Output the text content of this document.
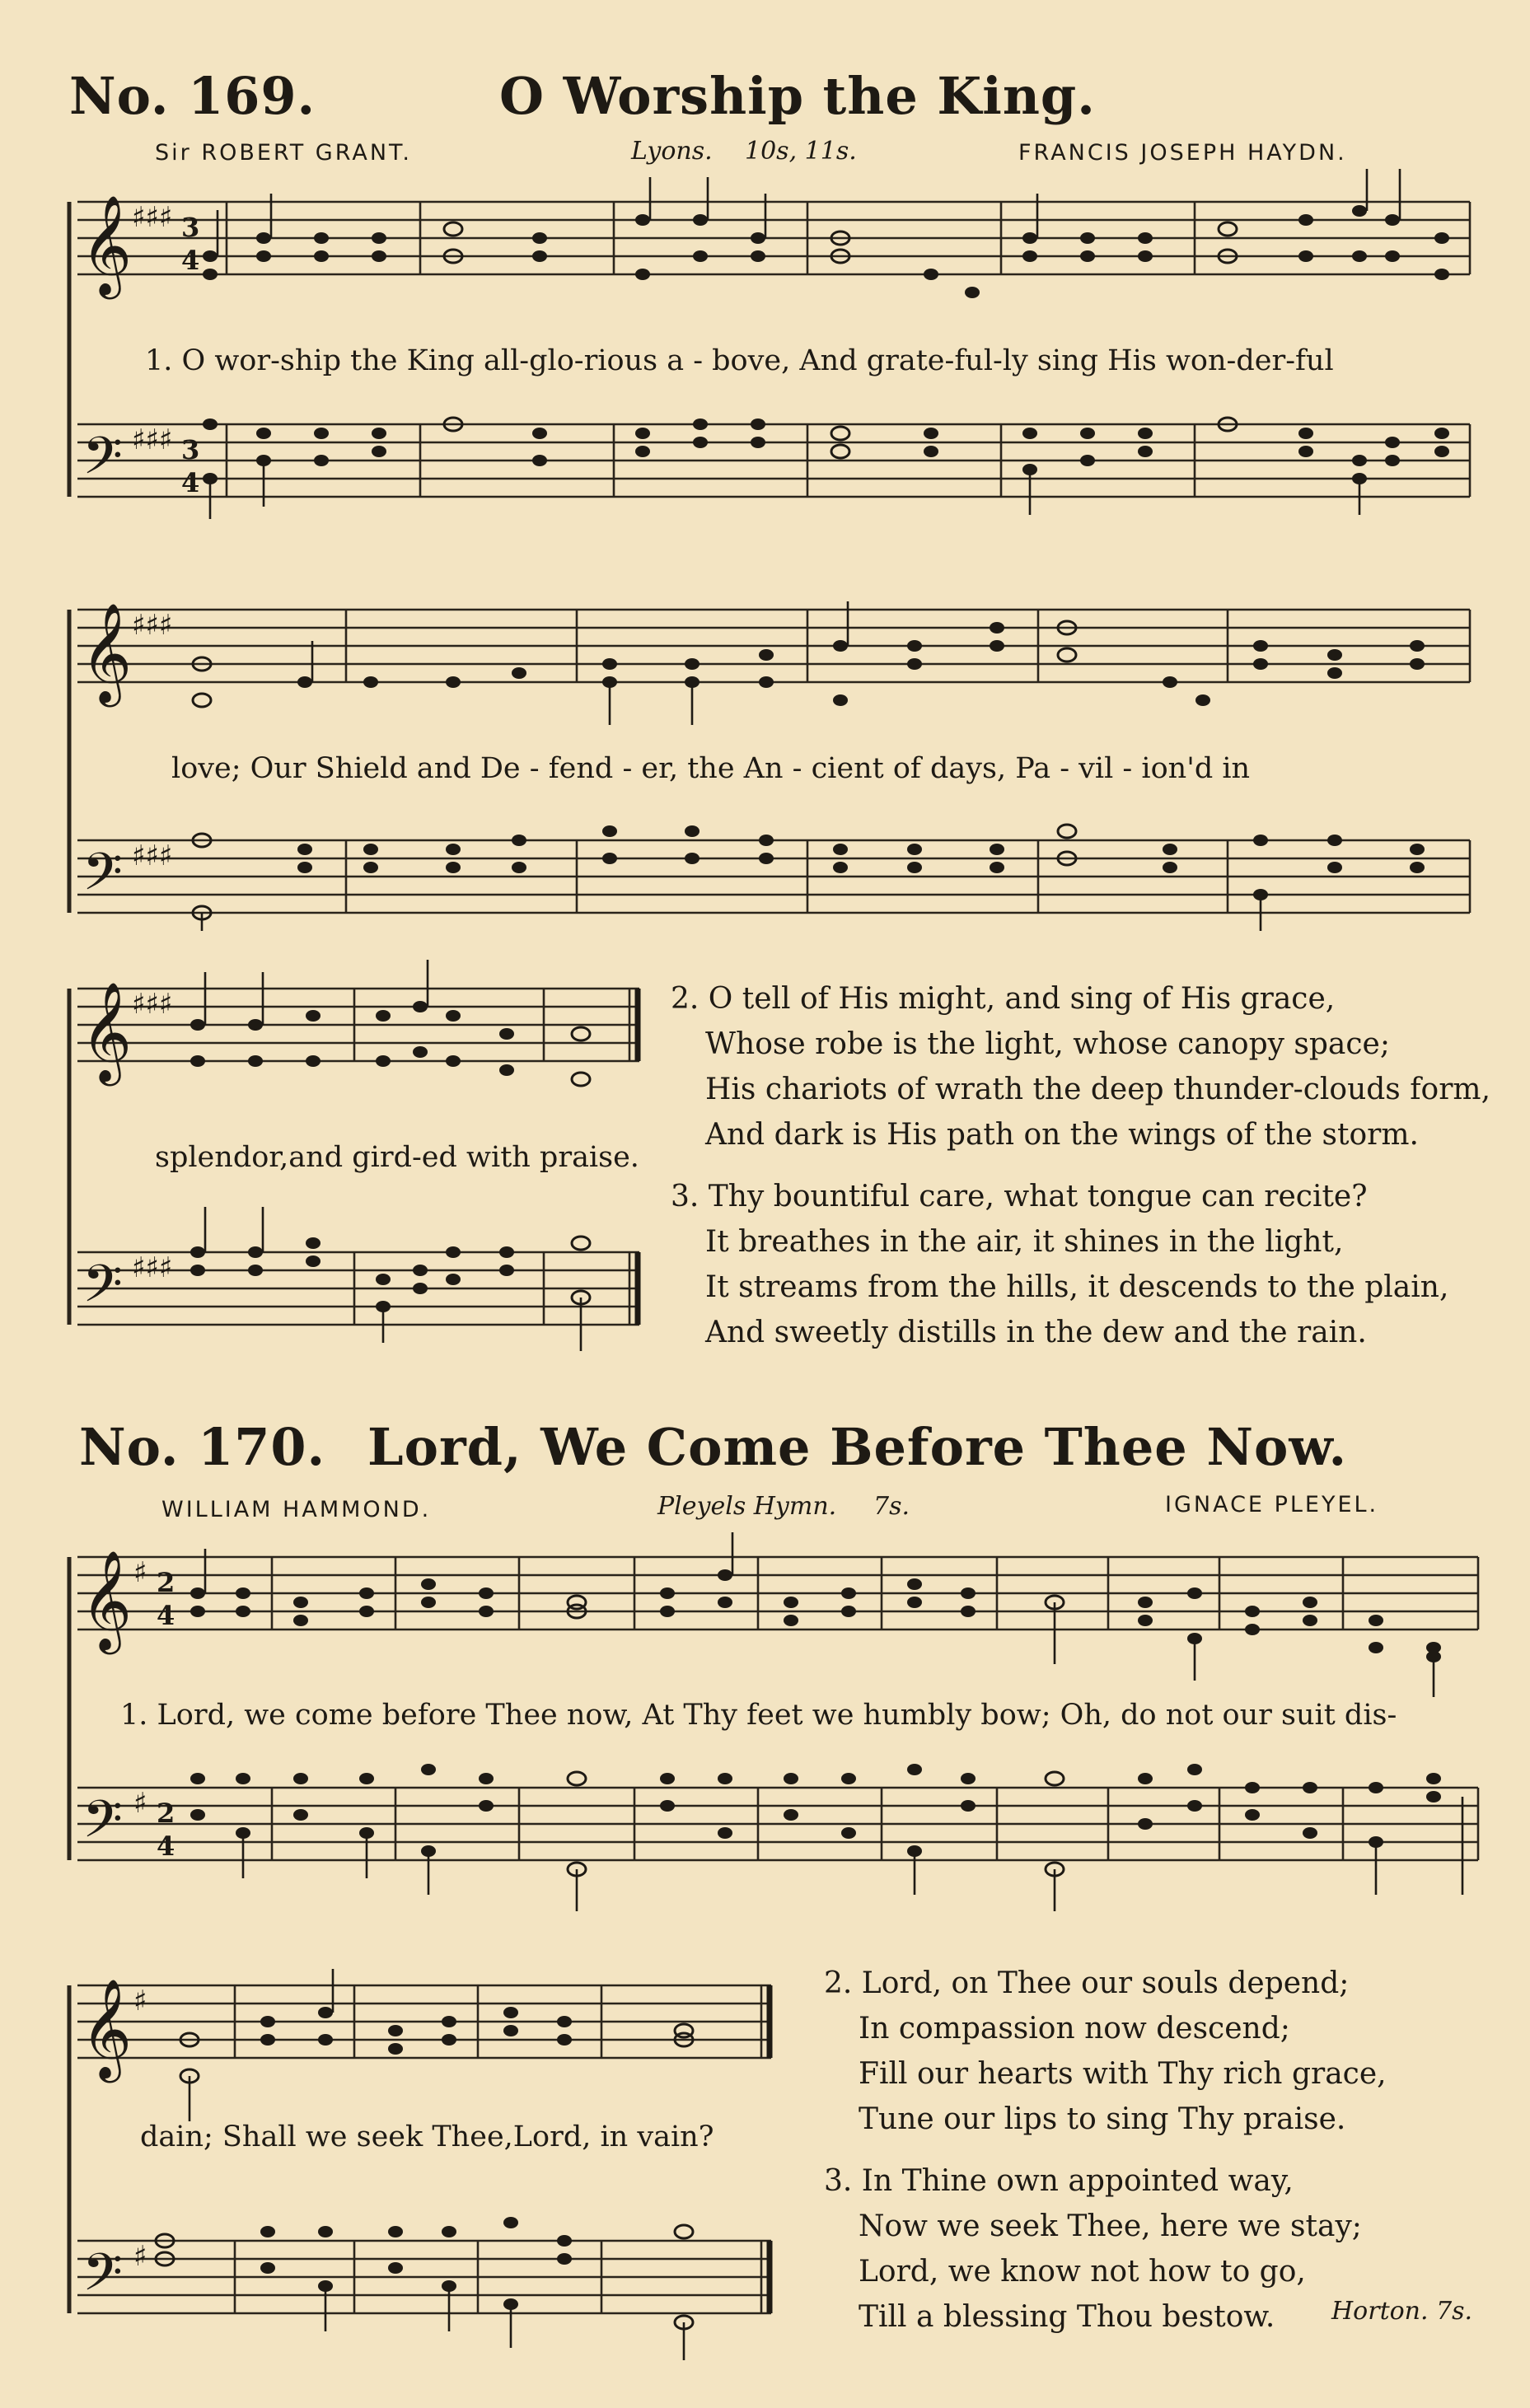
No. 169.	O Worship the King.
Sir ROBERT GRANT.	Lyons. 10s, 11s.	FRANCIS JOSEPH HAYDN.
𝄞
𝄢
♯♯♯
♯♯♯
3
4
3
4
1. O wor-ship the King all-glo-rious a - bove, And grate-ful-ly sing His won-der-ful
𝄞
𝄢
♯♯♯
♯♯♯
love; Our Shield and De - fend - er, the An - cient of days, Pa - vil - ion'd in
𝄞
𝄢
♯♯♯
♯♯♯
splendor,and gird-ed with praise.
2. O tell of His might, and sing of His grace,
Whose robe is the light, whose canopy space;
His chariots of wrath the deep thunder-clouds form,
And dark is His path on the wings of the storm.
3. Thy bountiful care, what tongue can recite?
It breathes in the air, it shines in the light,
It streams from the hills, it descends to the plain,
And sweetly distills in the dew and the rain.
No. 170. Lord, We Come Before Thee Now.
WILLIAM HAMMOND.	Pleyels Hymn. 7s.	IGNACE PLEYEL.
𝄞
𝄢
♯
♯
2
4
2
4
1. Lord, we come before Thee now, At Thy feet we humbly bow; Oh, do not our suit dis-
𝄞
𝄢
♯
♯
dain; Shall we seek Thee,Lord, in vain?
2. Lord, on Thee our souls depend;
In compassion now descend;
Fill our hearts with Thy rich grace,
Tune our lips to sing Thy praise.
3. In Thine own appointed way,
Now we seek Thee, here we stay;
Lord, we know not how to go,
Till a blessing Thou bestow.	Horton. 7s.
